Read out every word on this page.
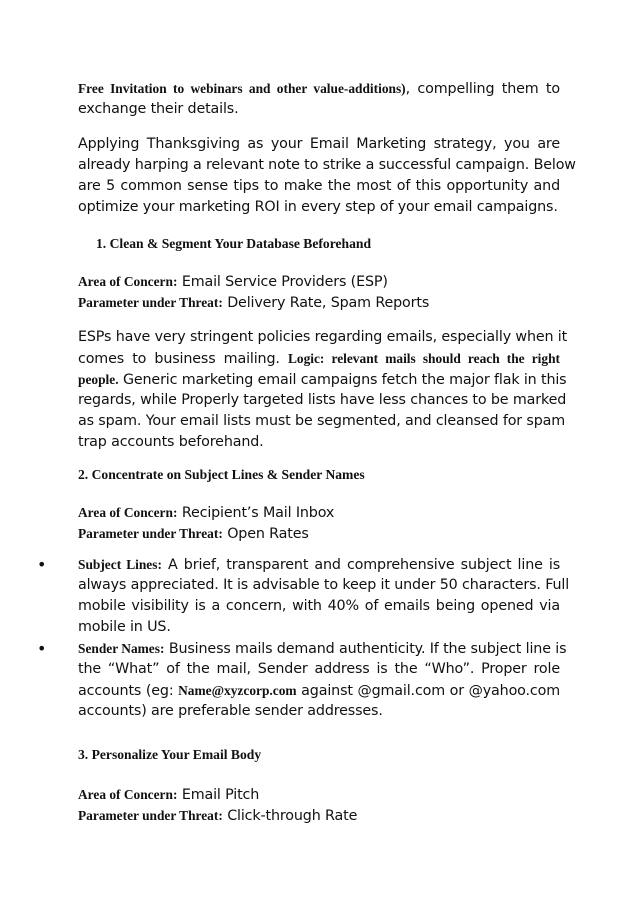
Free Invitation to webinars and other value-additions), compelling them to
exchange their details.
Applying Thanksgiving as your Email Marketing strategy, you are
already harping a relevant note to strike a successful campaign. Below
are 5 common sense tips to make the most of this opportunity and
optimize your marketing ROI in every step of your email campaigns.
1. Clean & Segment Your Database Beforehand
Area of Concern: Email Service Providers (ESP)
Parameter under Threat: Delivery Rate, Spam Reports
ESPs have very stringent policies regarding emails, especially when it
comes to business mailing. Logic: relevant mails should reach the right
people. Generic marketing email campaigns fetch the major flak in this
regards, while Properly targeted lists have less chances to be marked
as spam. Your email lists must be segmented, and cleansed for spam
trap accounts beforehand.
2. Concentrate on Subject Lines & Sender Names
Area of Concern: Recipient’s Mail Inbox
Parameter under Threat: Open Rates
• Subject Lines: A brief, transparent and comprehensive subject line is
always appreciated. It is advisable to keep it under 50 characters. Full
mobile visibility is a concern, with 40% of emails being opened via
mobile in US.
• Sender Names: Business mails demand authenticity. If the subject line is
the “What” of the mail, Sender address is the “Who”. Proper role
accounts (eg: Name@xyzcorp.com against @gmail.com or @yahoo.com
accounts) are preferable sender addresses.
3. Personalize Your Email Body
Area of Concern: Email Pitch
Parameter under Threat: Click-through Rate
